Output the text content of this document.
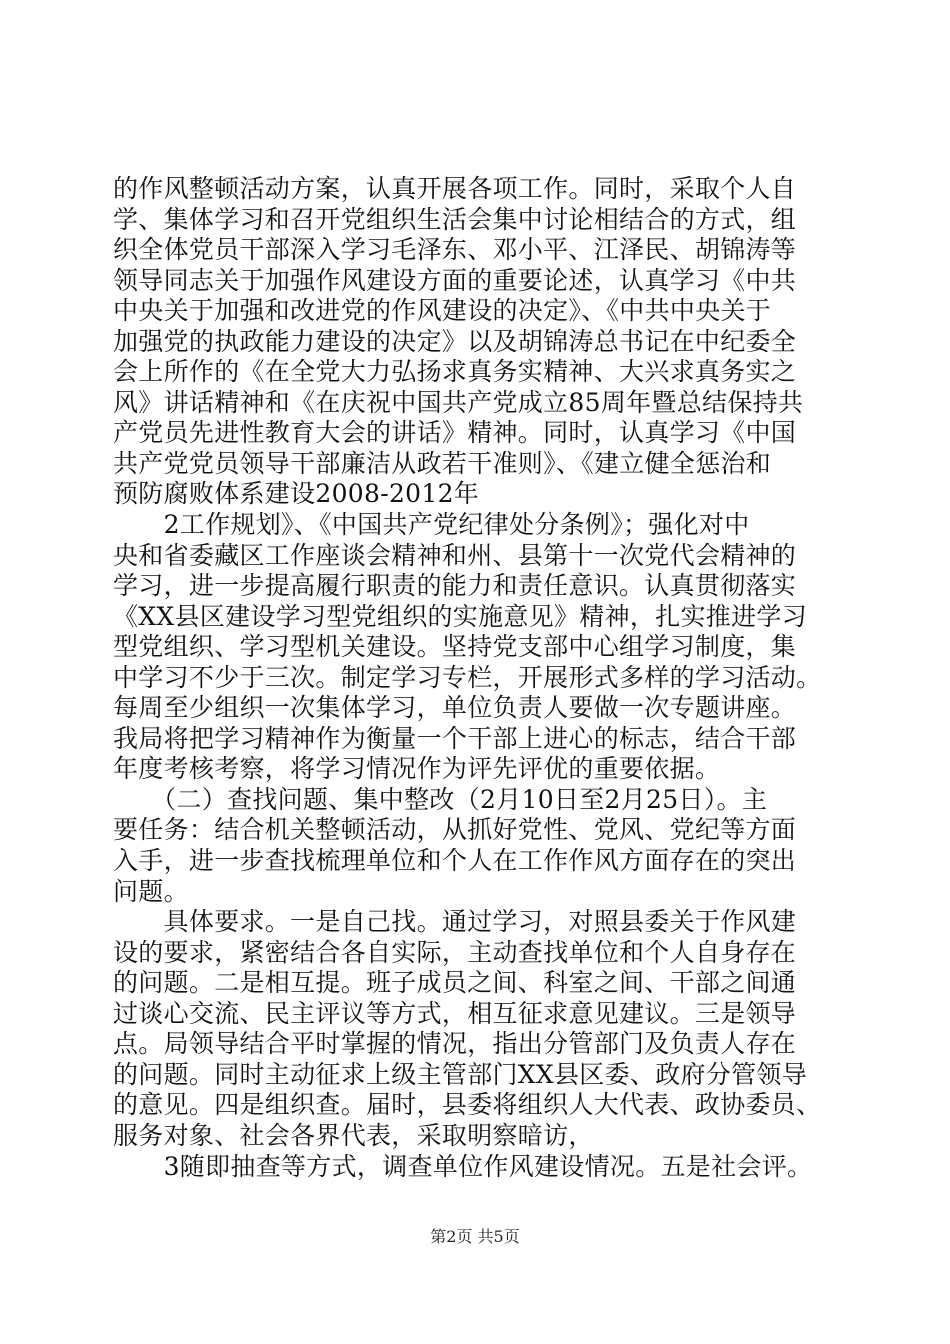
的作风整顿活动方案，认真开展各项工作。同时，采取个人自
学、集体学习和召开党组织生活会集中讨论相结合的方式，组
织全体党员干部深入学习毛泽东、邓小平、江泽民、胡锦涛等
领导同志关于加强作风建设方面的重要论述，认真学习《中共
中央关于加强和改进党的作风建设的决定》、《中共中央关于
加强党的执政能力建设的决定》以及胡锦涛总书记在中纪委全
会上所作的《在全党大力弘扬求真务实精神、大兴求真务实之
风》讲话精神和《在庆祝中国共产党成立85周年暨总结保持共
产党员先进性教育大会的讲话》精神。同时，认真学习《中国
共产党党员领导干部廉洁从政若干准则》、《建立健全惩治和
预防腐败体系建设2008-2012年
　　2工作规划》、《中国共产党纪律处分条例》；强化对中
央和省委藏区工作座谈会精神和州、县第十一次党代会精神的
学习，进一步提高履行职责的能力和责任意识。认真贯彻落实
《XX县区建设学习型党组织的实施意见》精神，扎实推进学习
型党组织、学习型机关建设。坚持党支部中心组学习制度，集
中学习不少于三次。制定学习专栏，开展形式多样的学习活动。
每周至少组织一次集体学习，单位负责人要做一次专题讲座。
我局将把学习精神作为衡量一个干部上进心的标志，结合干部
年度考核考察，将学习情况作为评先评优的重要依据。
　　（二）查找问题、集中整改（2月10日至2月25日）。主
要任务：结合机关整顿活动，从抓好党性、党风、党纪等方面
入手，进一步查找梳理单位和个人在工作作风方面存在的突出
问题。
　　具体要求。一是自己找。通过学习，对照县委关于作风建
设的要求，紧密结合各自实际，主动查找单位和个人自身存在
的问题。二是相互提。班子成员之间、科室之间、干部之间通
过谈心交流、民主评议等方式，相互征求意见建议。三是领导
点。局领导结合平时掌握的情况，指出分管部门及负责人存在
的问题。同时主动征求上级主管部门XX县区委、政府分管领导
的意见。四是组织查。届时，县委将组织人大代表、政协委员、
服务对象、社会各界代表，采取明察暗访，
　　3随即抽查等方式，调查单位作风建设情况。五是社会评。
第2页 共5页
